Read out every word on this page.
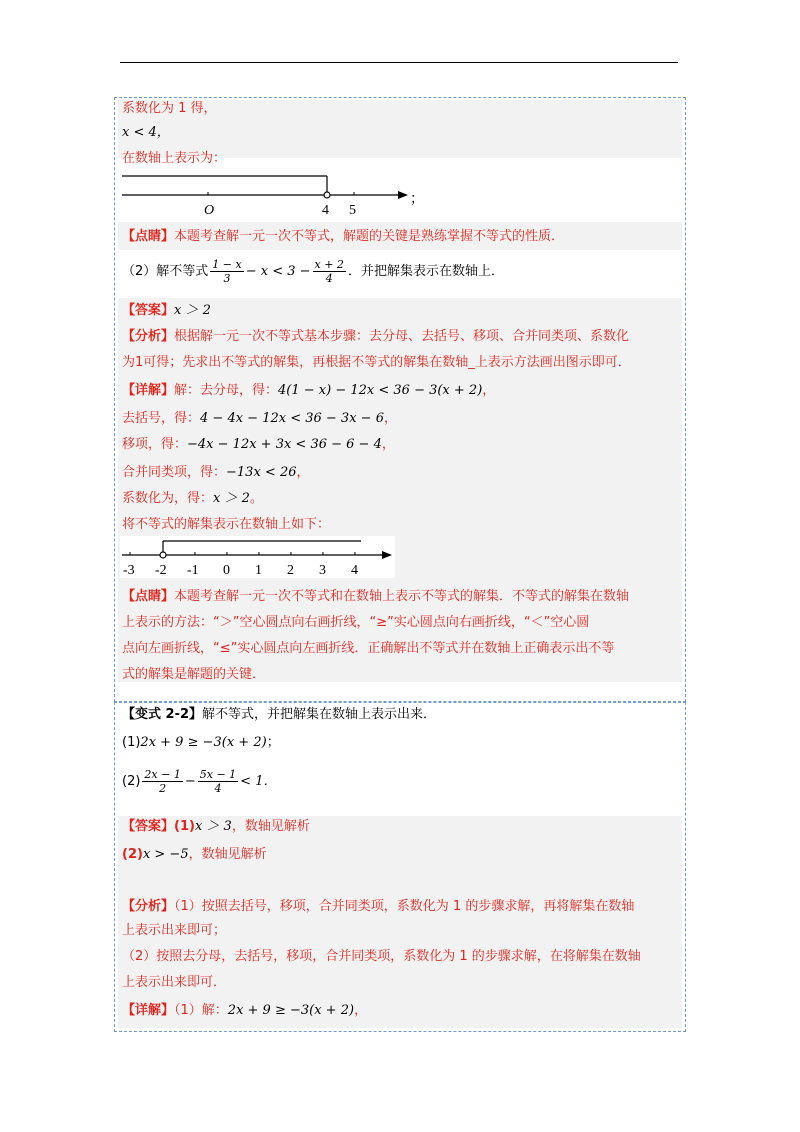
系数化为 1 得，
x < 4，
在数轴上表示为：
O	4 5
；
【点睛】本题考查解一元一次不等式，解题的关键是熟练掌握不等式的性质．
（2）解不等式 $\frac{1 - x}{3} - x < 3 - \frac{x + 2}{4}$ ．并把解集表示在数轴上．
【答案】x ＞ 2
【分析】根据解一元一次不等式基本步骤：去分母、去括号、移项、合并同类项、系数化
为1可得；先求出不等式的解集，再根据不等式的解集在数轴_上表示方法画出图示即可．
【详解】解：去分母，得：4(1 − x) − 12x < 36 − 3(x + 2)，
去括号，得：4 − 4x − 12x < 36 − 3x − 6，
移项，得：−4x − 12x + 3x < 36 − 6 − 4，
合并同类项，得：−13x < 26，
系数化为，得：x ＞ 2。
将不等式的解集表示在数轴上如下：
-3 -2 -1 0 1 2 3 4
【点睛】本题考查解一元一次不等式和在数轴上表示不等式的解集．不等式的解集在数轴
上表示的方法：“＞”空心圆点向右画折线，“≥”实心圆点向右画折线，“＜”空心圆
点向左画折线，“≤”实心圆点向左画折线．正确解出不等式并在数轴上正确表示出不等
式的解集是解题的关键．
【变式 2-2】解不等式，并把解集在数轴上表示出来．
(1)2x + 9 ≥ −3(x + 2)；
$(2) \frac{2x - 1}{2} - \frac{5x - 1}{4} < 1$．
【答案】(1)x ＞ 3，数轴见解析
(2)x > −5，数轴见解析
【分析】（1）按照去括号，移项，合并同类项，系数化为 1 的步骤求解，再将解集在数轴
上表示出来即可；
（2）按照去分母，去括号，移项，合并同类项，系数化为 1 的步骤求解，在将解集在数轴
上表示出来即可．
【详解】（1）解：2x + 9 ≥ −3(x + 2)，
